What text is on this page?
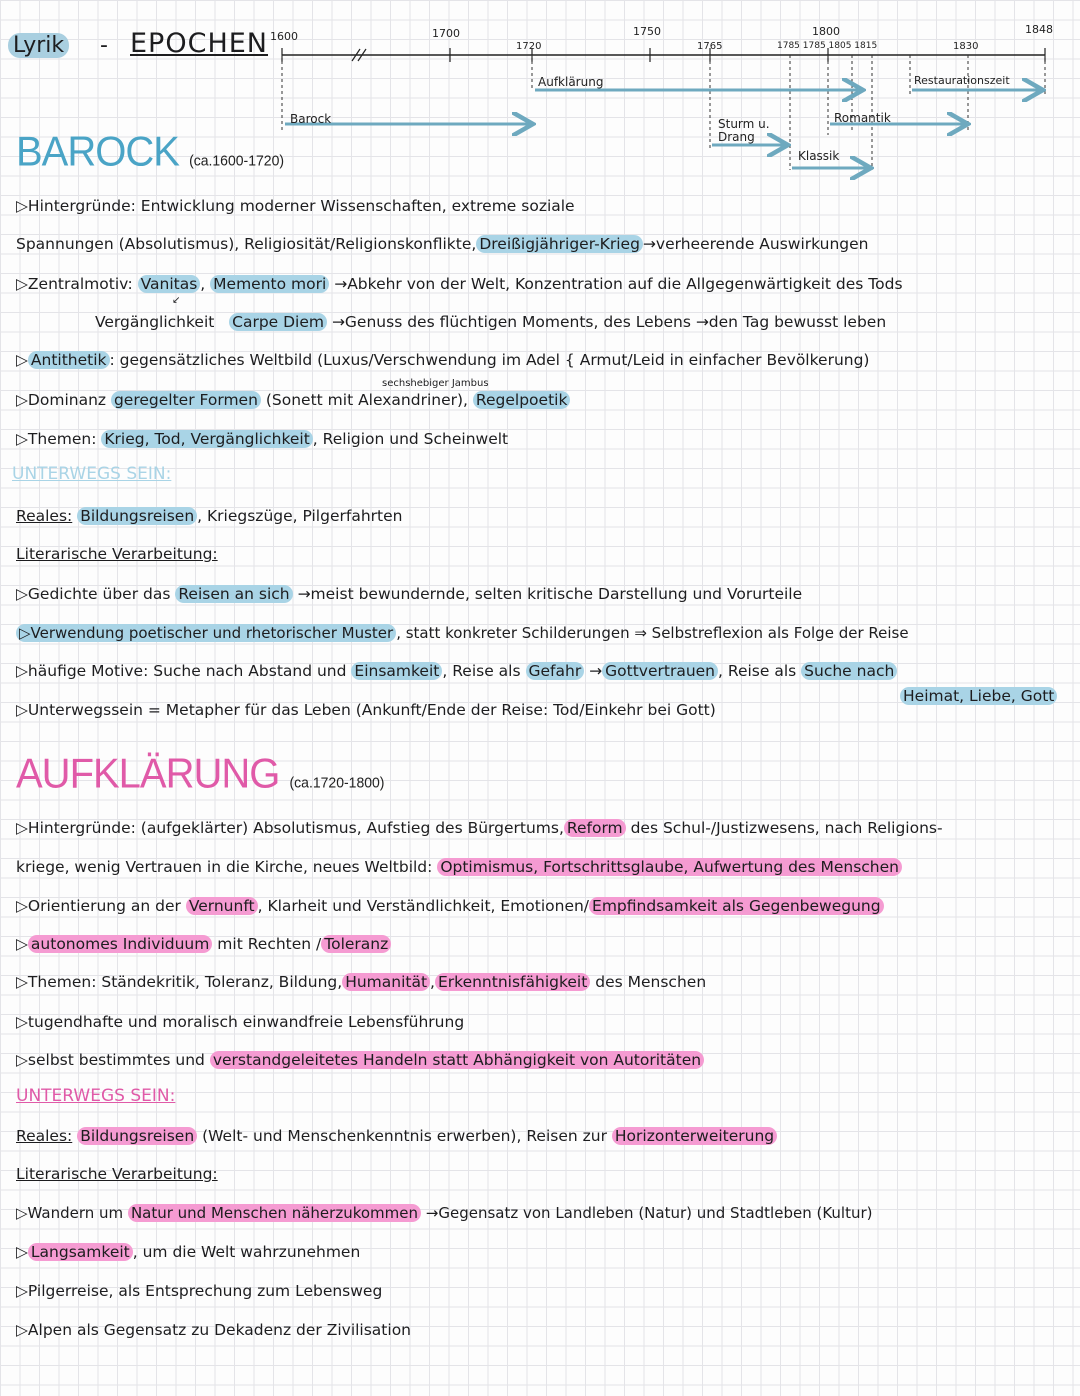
Lyrik - EPOCHEN 1600	1700
1720
1750
1765
1800
1785 1785 1805 1815	1830
1848
Barock
Aufklärung
Sturm u. Drang
Klassik
Romantik
Restaurationszeit
BAROCK (ca.1600-1720)
▷Hintergründe: Entwicklung moderner Wissenschaften, extreme soziale
Spannungen (Absolutismus), Religiosität/Religionskonflikte, Dreißigjähriger-Krieg →verheerende Auswirkungen
▷Zentralmotiv: Vanitas , Memento mori →Abkehr von der Welt, Konzentration auf die Allgegenwärtigkeit des Tods
↙
Vergänglichkeit Carpe Diem →Genuss des flüchtigen Moments, des Lebens →den Tag bewusst leben
▷ Antithetik : gegensätzliches Weltbild (Luxus/Verschwendung im Adel { Armut/Leid in einfacher Bevölkerung)
sechshebiger Jambus
▷Dominanz geregelter Formen (Sonett mit Alexandriner), Regelpoetik
▷Themen: Krieg, Tod, Vergänglichkeit , Religion und Scheinwelt
UNTERWEGS SEIN:
Reales: Bildungsreisen , Kriegszüge, Pilgerfahrten
Literarische Verarbeitung:
▷Gedichte über das Reisen an sich →meist bewundernde, selten kritische Darstellung und Vorurteile
▷Verwendung poetischer und rhetorischer Muster , statt konkreter Schilderungen ⇒ Selbstreflexion als Folge der Reise
▷häufige Motive: Suche nach Abstand und Einsamkeit , Reise als Gefahr → Gottvertrauen , Reise als Suche nach
Heimat, Liebe, Gott
▷Unterwegssein = Metapher für das Leben (Ankunft/Ende der Reise: Tod/Einkehr bei Gott)
AUFKLÄRUNG (ca.1720-1800)
▷Hintergründe: (aufgeklärter) Absolutismus, Aufstieg des Bürgertums, Reform des Schul-/Justizwesens, nach Religions-
kriege, wenig Vertrauen in die Kirche, neues Weltbild: Optimismus, Fortschrittsglaube, Aufwertung des Menschen
▷Orientierung an der Vernunft , Klarheit und Verständlichkeit, Emotionen/ Empfindsamkeit als Gegenbewegung
▷ autonomes Individuum mit Rechten / Toleranz
▷Themen: Ständekritik, Toleranz, Bildung, Humanität , Erkenntnisfähigkeit des Menschen
▷tugendhafte und moralisch einwandfreie Lebensführung
▷selbst bestimmtes und verstandgeleitetes Handeln statt Abhängigkeit von Autoritäten
UNTERWEGS SEIN:
Reales: Bildungsreisen (Welt- und Menschenkenntnis erwerben), Reisen zur Horizonterweiterung
Literarische Verarbeitung:
▷Wandern um Natur und Menschen näherzukommen →Gegensatz von Landleben (Natur) und Stadtleben (Kultur)
▷ Langsamkeit , um die Welt wahrzunehmen
▷Pilgerreise, als Entsprechung zum Lebensweg
▷Alpen als Gegensatz zu Dekadenz der Zivilisation
